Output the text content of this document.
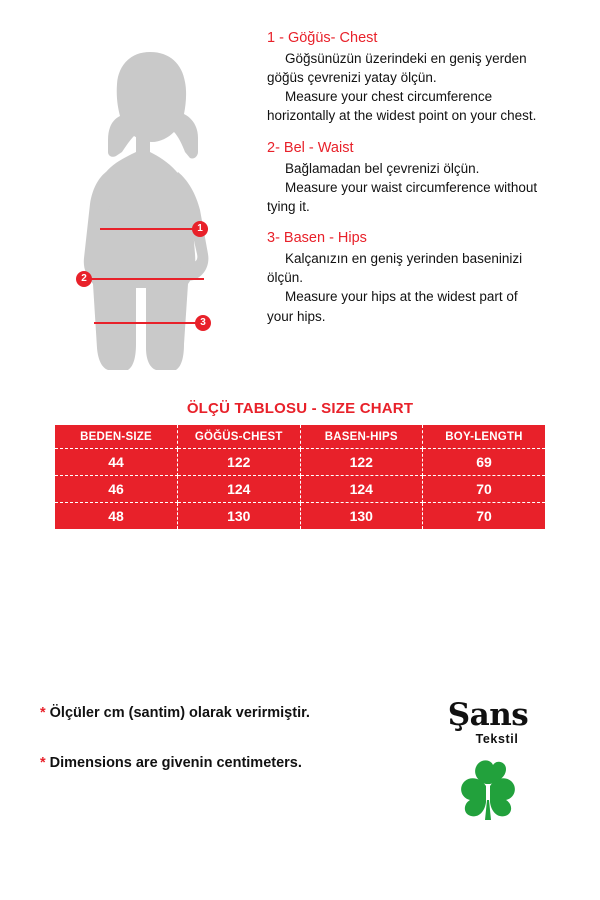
1
2
3
1 - Göğüs- Chest

Göğsünüzün üzerindeki en geniş yerden
göğüs çevrenizi yatay ölçün.
Measure your chest circumference
horizontally at the widest point on your chest.

2- Bel - Waist

Bağlamadan bel çevrenizi ölçün.
Measure your waist circumference without
tying it.

3- Basen - Hips

Kalçanızın en geniş yerinden baseninizi
ölçün.
Measure your hips at the widest part of
your hips.

ÖLÇÜ TABLOSU - SIZE CHART
BEDEN-SIZE	GÖĞÜS-CHEST	BASEN-HIPS	BOY-LENGTH
44	122	122	69
46	124	124	70
48	130	130	70
* Ölçüler cm (santim) olarak verirmiştir.
* Dimensions are givenin centimeters.
Şans
Tekstil
